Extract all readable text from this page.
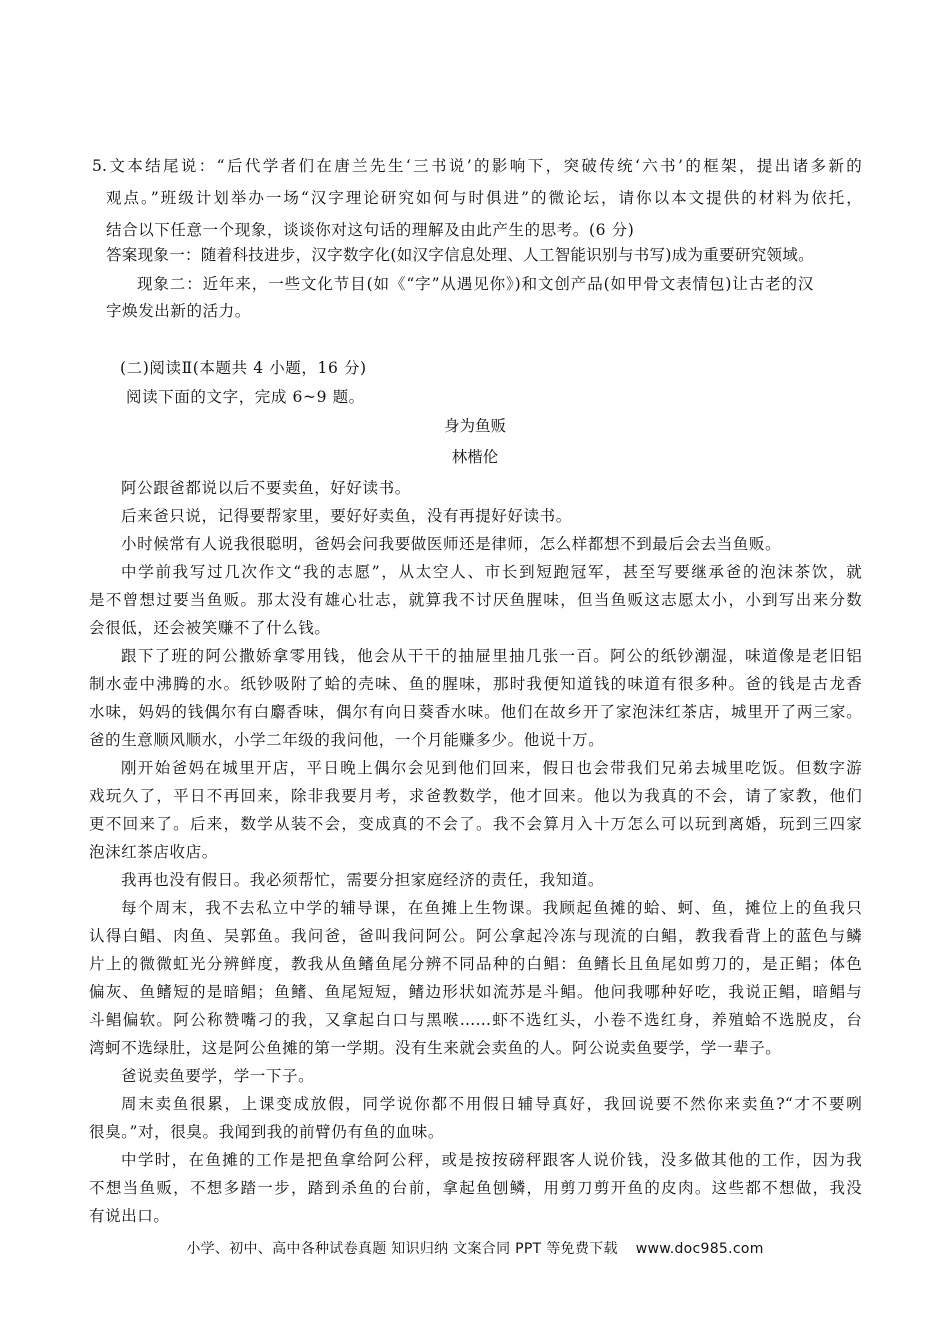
5.文本结尾说：“后代学者们在唐兰先生‘三书说’的影响下，突破传统‘六书’的框架，提出诸多新的
观点。”班级计划举办一场“汉字理论研究如何与时俱进”的微论坛，请你以本文提供的材料为依托，
结合以下任意一个现象，谈谈你对这句话的理解及由此产生的思考。(6 分)
答案现象一：随着科技进步，汉字数字化(如汉字信息处理、人工智能识别与书写)成为重要研究领域。
现象二：近年来，一些文化节目(如《“字”从遇见你》)和文创产品(如甲骨文表情包)让古老的汉
字焕发出新的活力。
(二)阅读Ⅱ(本题共 4 小题，16 分)
阅读下面的文字，完成 6~9 题。
身为鱼贩
林楷伦
阿公跟爸都说以后不要卖鱼，好好读书。
后来爸只说，记得要帮家里，要好好卖鱼，没有再提好好读书。
小时候常有人说我很聪明，爸妈会问我要做医师还是律师，怎么样都想不到最后会去当鱼贩。
中学前我写过几次作文“我的志愿”，从太空人、市长到短跑冠军，甚至写要继承爸的泡沫茶饮，就
是不曾想过要当鱼贩。那太没有雄心壮志，就算我不讨厌鱼腥味，但当鱼贩这志愿太小，小到写出来分数
会很低，还会被笑赚不了什么钱。
跟下了班的阿公撒娇拿零用钱，他会从干干的抽屉里抽几张一百。阿公的纸钞潮湿，味道像是老旧铝
制水壶中沸腾的水。纸钞吸附了蛤的壳味、鱼的腥味，那时我便知道钱的味道有很多种。爸的钱是古龙香
水味，妈妈的钱偶尔有白麝香味，偶尔有向日葵香水味。他们在故乡开了家泡沫红茶店，城里开了两三家。
爸的生意顺风顺水，小学二年级的我问他，一个月能赚多少。他说十万。
刚开始爸妈在城里开店，平日晚上偶尔会见到他们回来，假日也会带我们兄弟去城里吃饭。但数字游
戏玩久了，平日不再回来，除非我要月考，求爸教数学，他才回来。他以为我真的不会，请了家教，他们
更不回来了。后来，数学从装不会，变成真的不会了。我不会算月入十万怎么可以玩到离婚，玩到三四家
泡沫红茶店收店。
我再也没有假日。我必须帮忙，需要分担家庭经济的责任，我知道。
每个周末，我不去私立中学的辅导课，在鱼摊上生物课。我顾起鱼摊的蛤、蚵、鱼，摊位上的鱼我只
认得白鲳、肉鱼、吴郭鱼。我问爸，爸叫我问阿公。阿公拿起冷冻与现流的白鲳，教我看背上的蓝色与鳞
片上的微微虹光分辨鲜度，教我从鱼鳍鱼尾分辨不同品种的白鲳：鱼鳍长且鱼尾如剪刀的，是正鲳；体色
偏灰、鱼鳍短的是暗鲳；鱼鳍、鱼尾短短，鳍边形状如流苏是斗鲳。他问我哪种好吃，我说正鲳，暗鲳与
斗鲳偏软。阿公称赞嘴刁的我，又拿起白口与黑喉……虾不选红头，小卷不选红身，养殖蛤不选脱皮，台
湾蚵不选绿肚，这是阿公鱼摊的第一学期。没有生来就会卖鱼的人。阿公说卖鱼要学，学一辈子。
爸说卖鱼要学，学一下子。
周末卖鱼很累，上课变成放假，同学说你都不用假日辅导真好，我回说要不然你来卖鱼?“才不要咧
很臭。”对，很臭。我闻到我的前臂仍有鱼的血味。
中学时，在鱼摊的工作是把鱼拿给阿公秤，或是按按磅秤跟客人说价钱，没多做其他的工作，因为我
不想当鱼贩，不想多踏一步，踏到杀鱼的台前，拿起鱼刨鳞，用剪刀剪开鱼的皮肉。这些都不想做，我没
有说出口。
小学、初中、高中各种试卷真题 知识归纳 文案合同 PPT 等免费下载 www.doc985.com
